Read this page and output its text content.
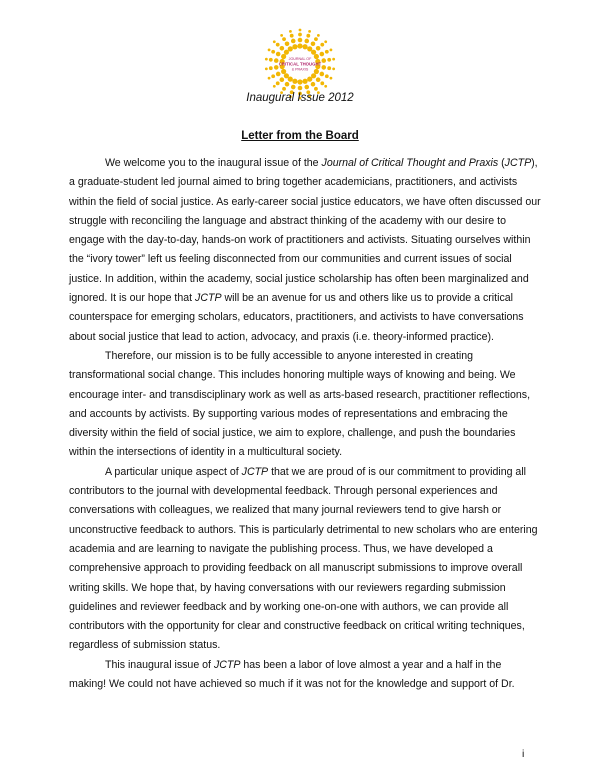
JOURNAL OF
CRITICAL THOUGHT
& PRAXIS
Inaugural Issue 2012
Letter from the Board

We welcome you to the inaugural issue of the Journal of Critical Thought and Praxis (JCTP), a graduate-student led journal aimed to bring together academicians, practitioners, and activists within the field of social justice. As early-career social justice educators, we have often discussed our struggle with reconciling the language and abstract thinking of the academy with our desire to engage with the day-to-day, hands-on work of practitioners and activists. Situating ourselves within the “ivory tower” left us feeling disconnected from our communities and current issues of social justice. In addition, within the academy, social justice scholarship has often been marginalized and ignored. It is our hope that JCTP will be an avenue for us and others like us to provide a critical counterspace for emerging scholars, educators, practitioners, and activists to have conversations about social justice that lead to action, advocacy, and praxis (i.e. theory-informed practice).

Therefore, our mission is to be fully accessible to anyone interested in creating transformational social change. This includes honoring multiple ways of knowing and being. We encourage inter- and transdisciplinary work as well as arts-based research, practitioner reflections, and accounts by activists. By supporting various modes of representations and embracing the diversity within the field of social justice, we aim to explore, challenge, and push the boundaries within the intersections of identity in a multicultural society.

A particular unique aspect of JCTP that we are proud of is our commitment to providing all contributors to the journal with developmental feedback. Through personal experiences and conversations with colleagues, we realized that many journal reviewers tend to give harsh or unconstructive feedback to authors. This is particularly detrimental to new scholars who are entering academia and are learning to navigate the publishing process. Thus, we have developed a comprehensive approach to providing feedback on all manuscript submissions to improve overall writing skills. We hope that, by having conversations with our reviewers regarding submission guidelines and reviewer feedback and by working one-on-one with authors, we can provide all contributors with the opportunity for clear and constructive feedback on critical writing techniques, regardless of submission status.

This inaugural issue of JCTP has been a labor of love almost a year and a half in the making! We could not have achieved so much if it was not for the knowledge and support of Dr.

i
